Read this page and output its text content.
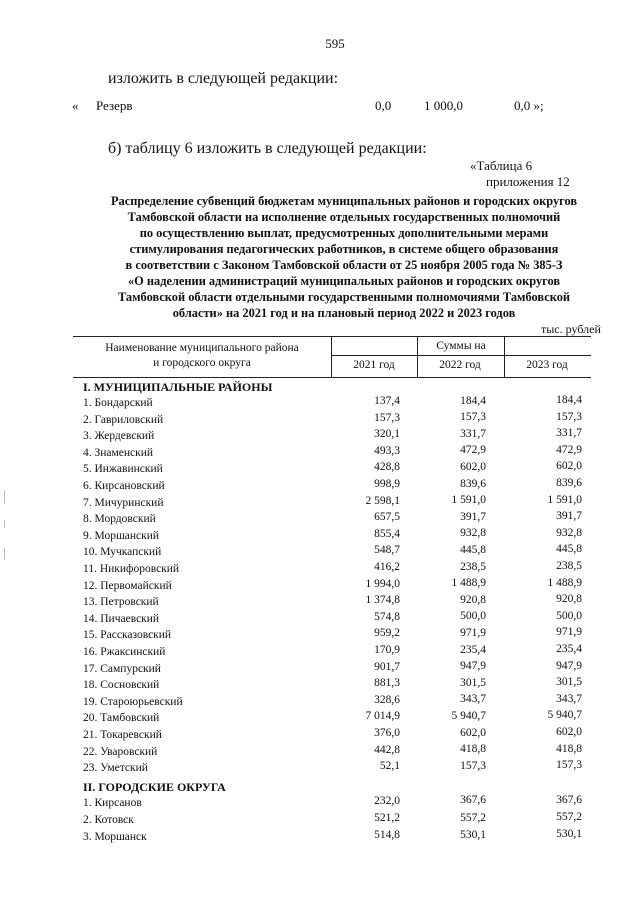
595
изложить в следующей редакции:
« Резерв	0,0	1 000,0	0,0 »;
б) таблицу 6 изложить в следующей редакции:
«Таблица 6
приложения 12
Распределение субвенций бюджетам муниципальных районов и городских округов
Тамбовской области на исполнение отдельных государственных полномочий
по осуществлению выплат, предусмотренных дополнительными мерами
стимулирования педагогических работников, в системе общего образования
в соответствии с Законом Тамбовской области от 25 ноября 2005 года № 385-З
«О наделении администраций муниципальных районов и городских округов
Тамбовской области отдельными государственными полномочиями Тамбовской
области» на 2021 год и на плановый период 2022 и 2023 годов
тыс. рублей
Наименование муниципального района
и городского округа
Суммы на
2021 год	2022 год	2023 год
I. МУНИЦИПАЛЬНЫЕ РАЙОНЫ
1. Бондарский	137,4	184,4	184,4
2. Гавриловский	157,3	157,3	157,3
3. Жердевский	320,1	331,7	331,7
4. Знаменский	493,3	472,9	472,9
5. Инжавинский	428,8	602,0	602,0
6. Кирсановский	998,9	839,6	839,6
7. Мичуринский	2 598,1	1 591,0	1 591,0
8. Мордовский	657,5	391,7	391,7
9. Моршанский	855,4	932,8	932,8
10. Мучкапский	548,7	445,8	445,8
11. Никифоровский	416,2	238,5	238,5
12. Первомайский	1 994,0	1 488,9	1 488,9
13. Петровский	1 374,8	920,8	920,8
14. Пичаевский	574,8	500,0	500,0
15. Рассказовский	959,2	971,9	971,9
16. Ржаксинский	170,9	235,4	235,4
17. Сампурский	901,7	947,9	947,9
18. Сосновский	881,3	301,5	301,5
19. Староюрьевский	328,6	343,7	343,7
20. Тамбовский	7 014,9	5 940,7	5 940,7
21. Токаревский	376,0	602,0	602,0
22. Уваровский	442,8	418,8	418,8
23. Уметский	52,1	157,3	157,3
II. ГОРОДСКИЕ ОКРУГА
1. Кирсанов	232,0	367,6	367,6
2. Котовск	521,2	557,2	557,2
3. Моршанск	514,8	530,1	530,1
